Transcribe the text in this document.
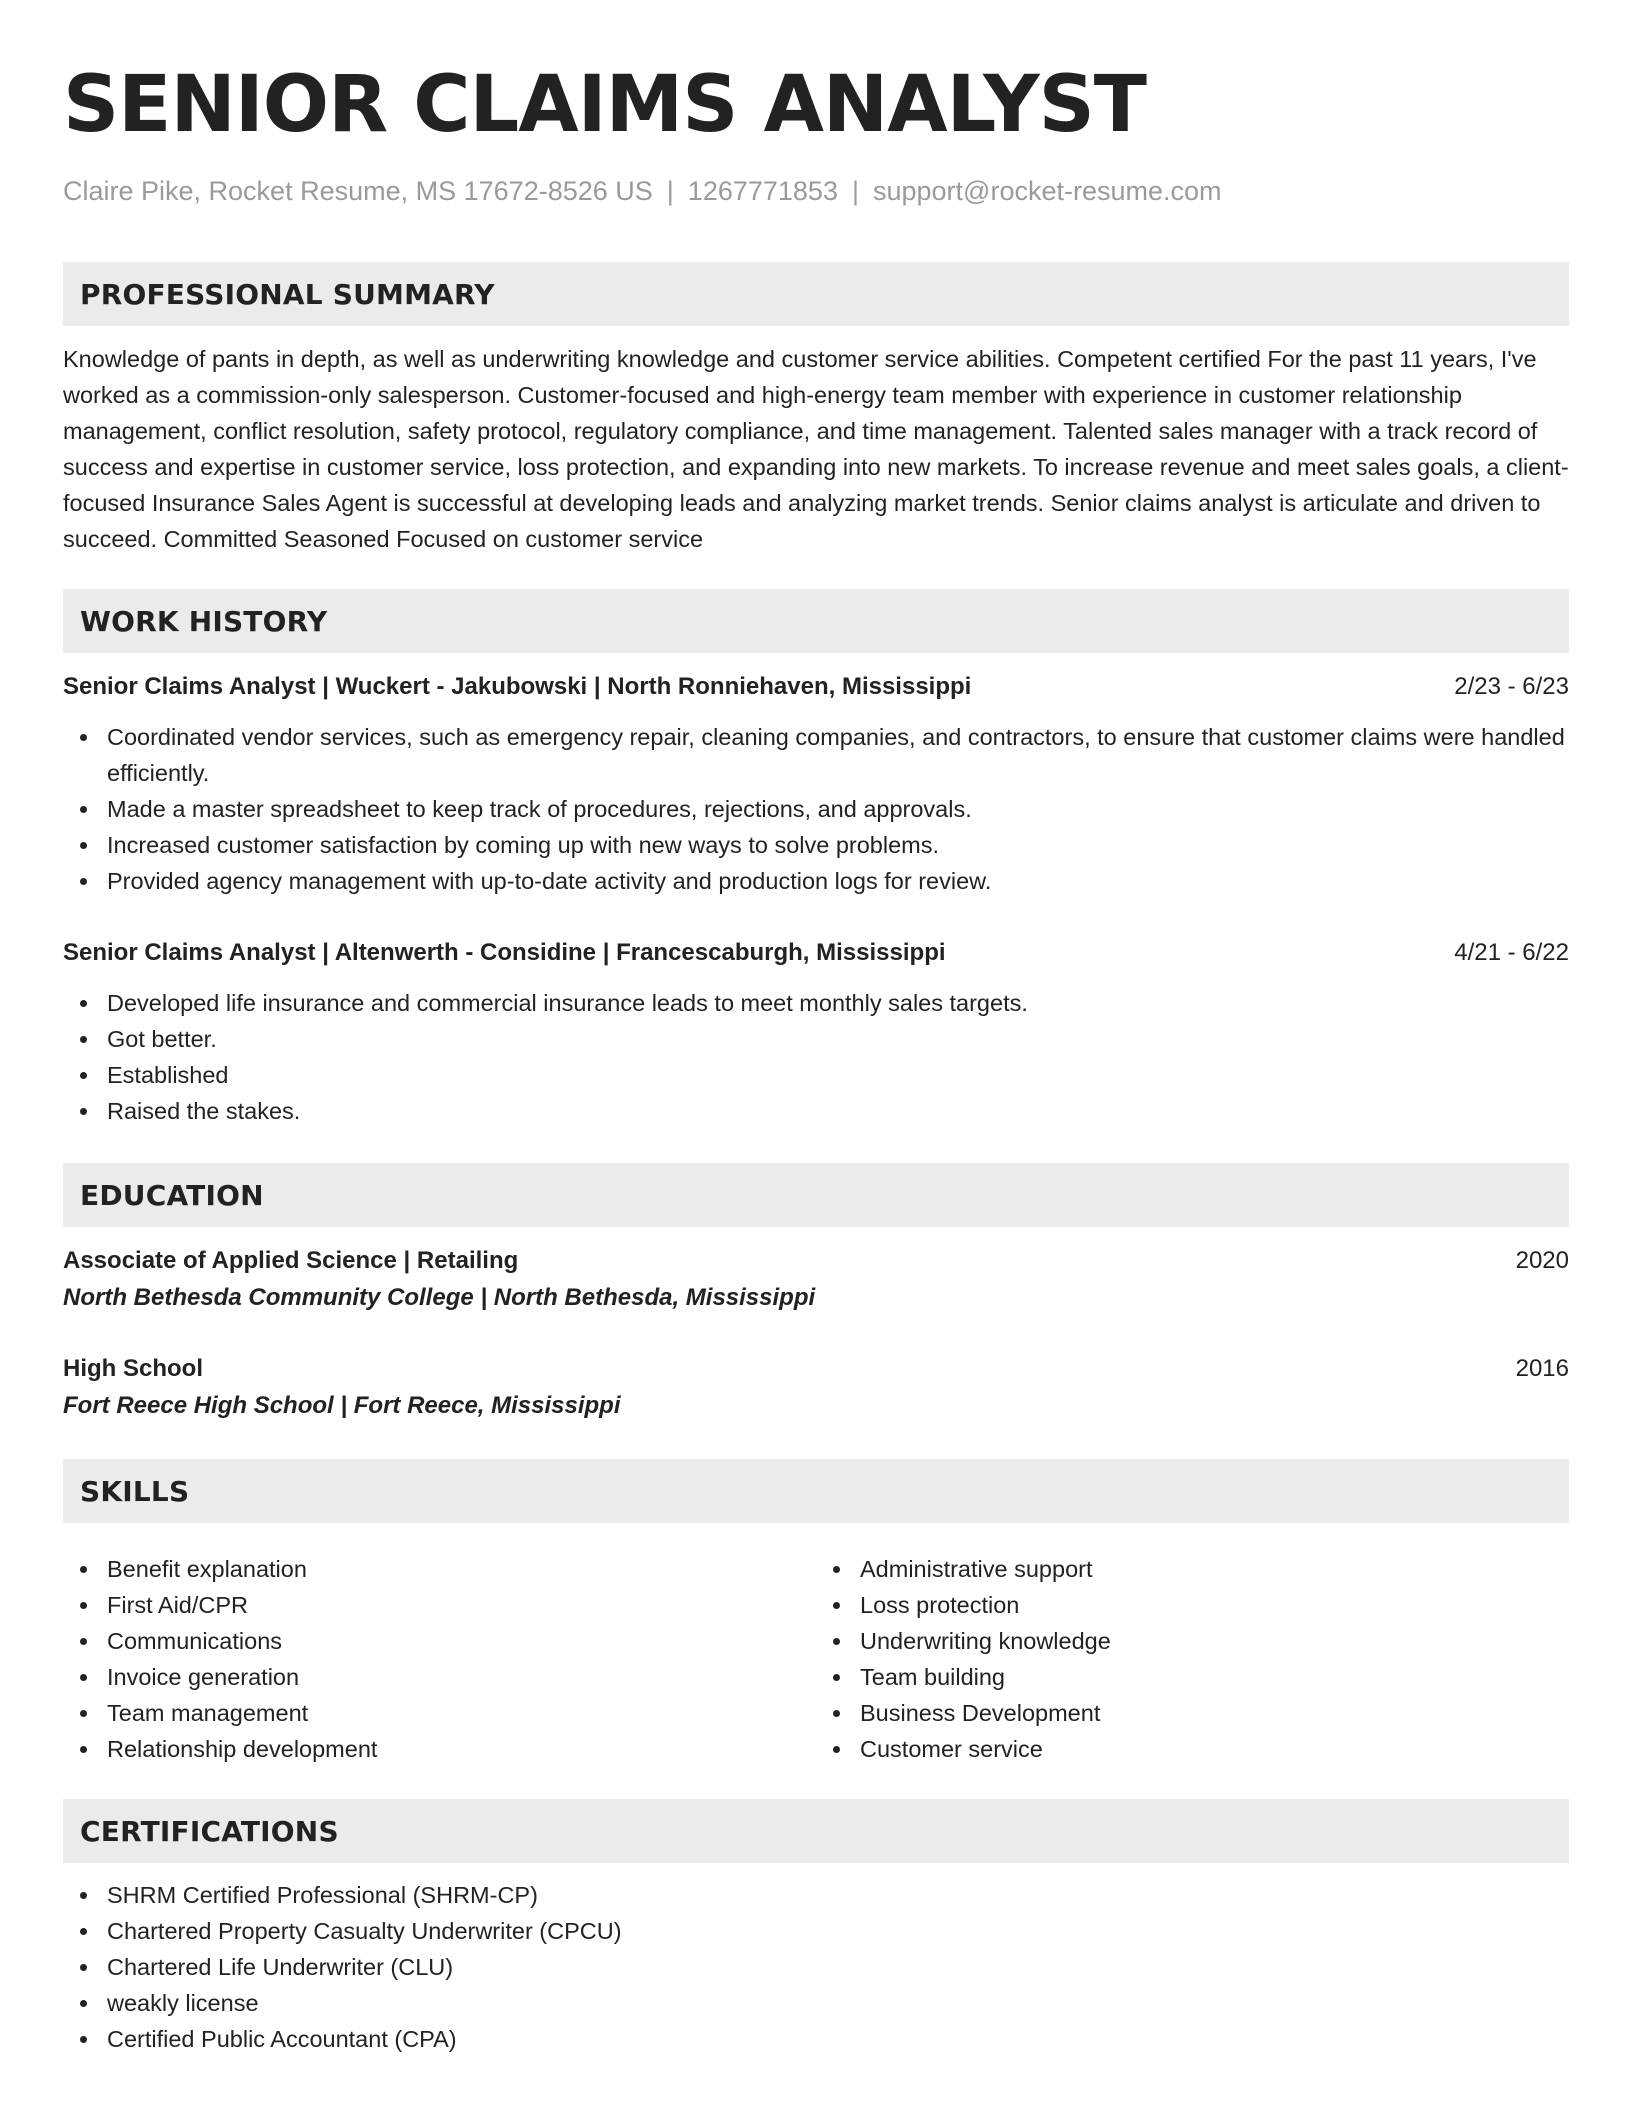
SENIOR CLAIMS ANALYST
Claire Pike, Rocket Resume, MS 17672-8526 US | 1267771853 | support@rocket-resume.com
PROFESSIONAL SUMMARY

Knowledge of pants in depth, as well as underwriting knowledge and customer service abilities. Competent certified For the past 11 years, I've worked as a commission-only salesperson. Customer-focused and high-energy team member with experience in customer relationship management, conflict resolution, safety protocol, regulatory compliance, and time management. Talented sales manager with a track record of success and expertise in customer service, loss protection, and expanding into new markets. To increase revenue and meet sales goals, a client-focused Insurance Sales Agent is successful at developing leads and analyzing market trends. Senior claims analyst is articulate and driven to succeed. Committed Seasoned Focused on customer service

WORK HISTORY
Senior Claims Analyst | Wuckert - Jakubowski | North Ronniehaven, Mississippi	2/23 - 6/23
Coordinated vendor services, such as emergency repair, cleaning companies, and contractors, to ensure that customer claims were handled efficiently.
Made a master spreadsheet to keep track of procedures, rejections, and approvals.
Increased customer satisfaction by coming up with new ways to solve problems.
Provided agency management with up-to-date activity and production logs for review.
Senior Claims Analyst | Altenwerth - Considine | Francescaburgh, Mississippi	4/21 - 6/22
Developed life insurance and commercial insurance leads to meet monthly sales targets.
Got better.
Established
Raised the stakes.
EDUCATION
Associate of Applied Science | Retailing	2020
North Bethesda Community College | North Bethesda, Mississippi
High School	2016
Fort Reece High School | Fort Reece, Mississippi
SKILLS
Benefit explanation
First Aid/CPR
Communications
Invoice generation
Team management
Relationship development
Administrative support
Loss protection
Underwriting knowledge
Team building
Business Development
Customer service
CERTIFICATIONS
SHRM Certified Professional (SHRM-CP)
Chartered Property Casualty Underwriter (CPCU)
Chartered Life Underwriter (CLU)
weakly license
Certified Public Accountant (CPA)
